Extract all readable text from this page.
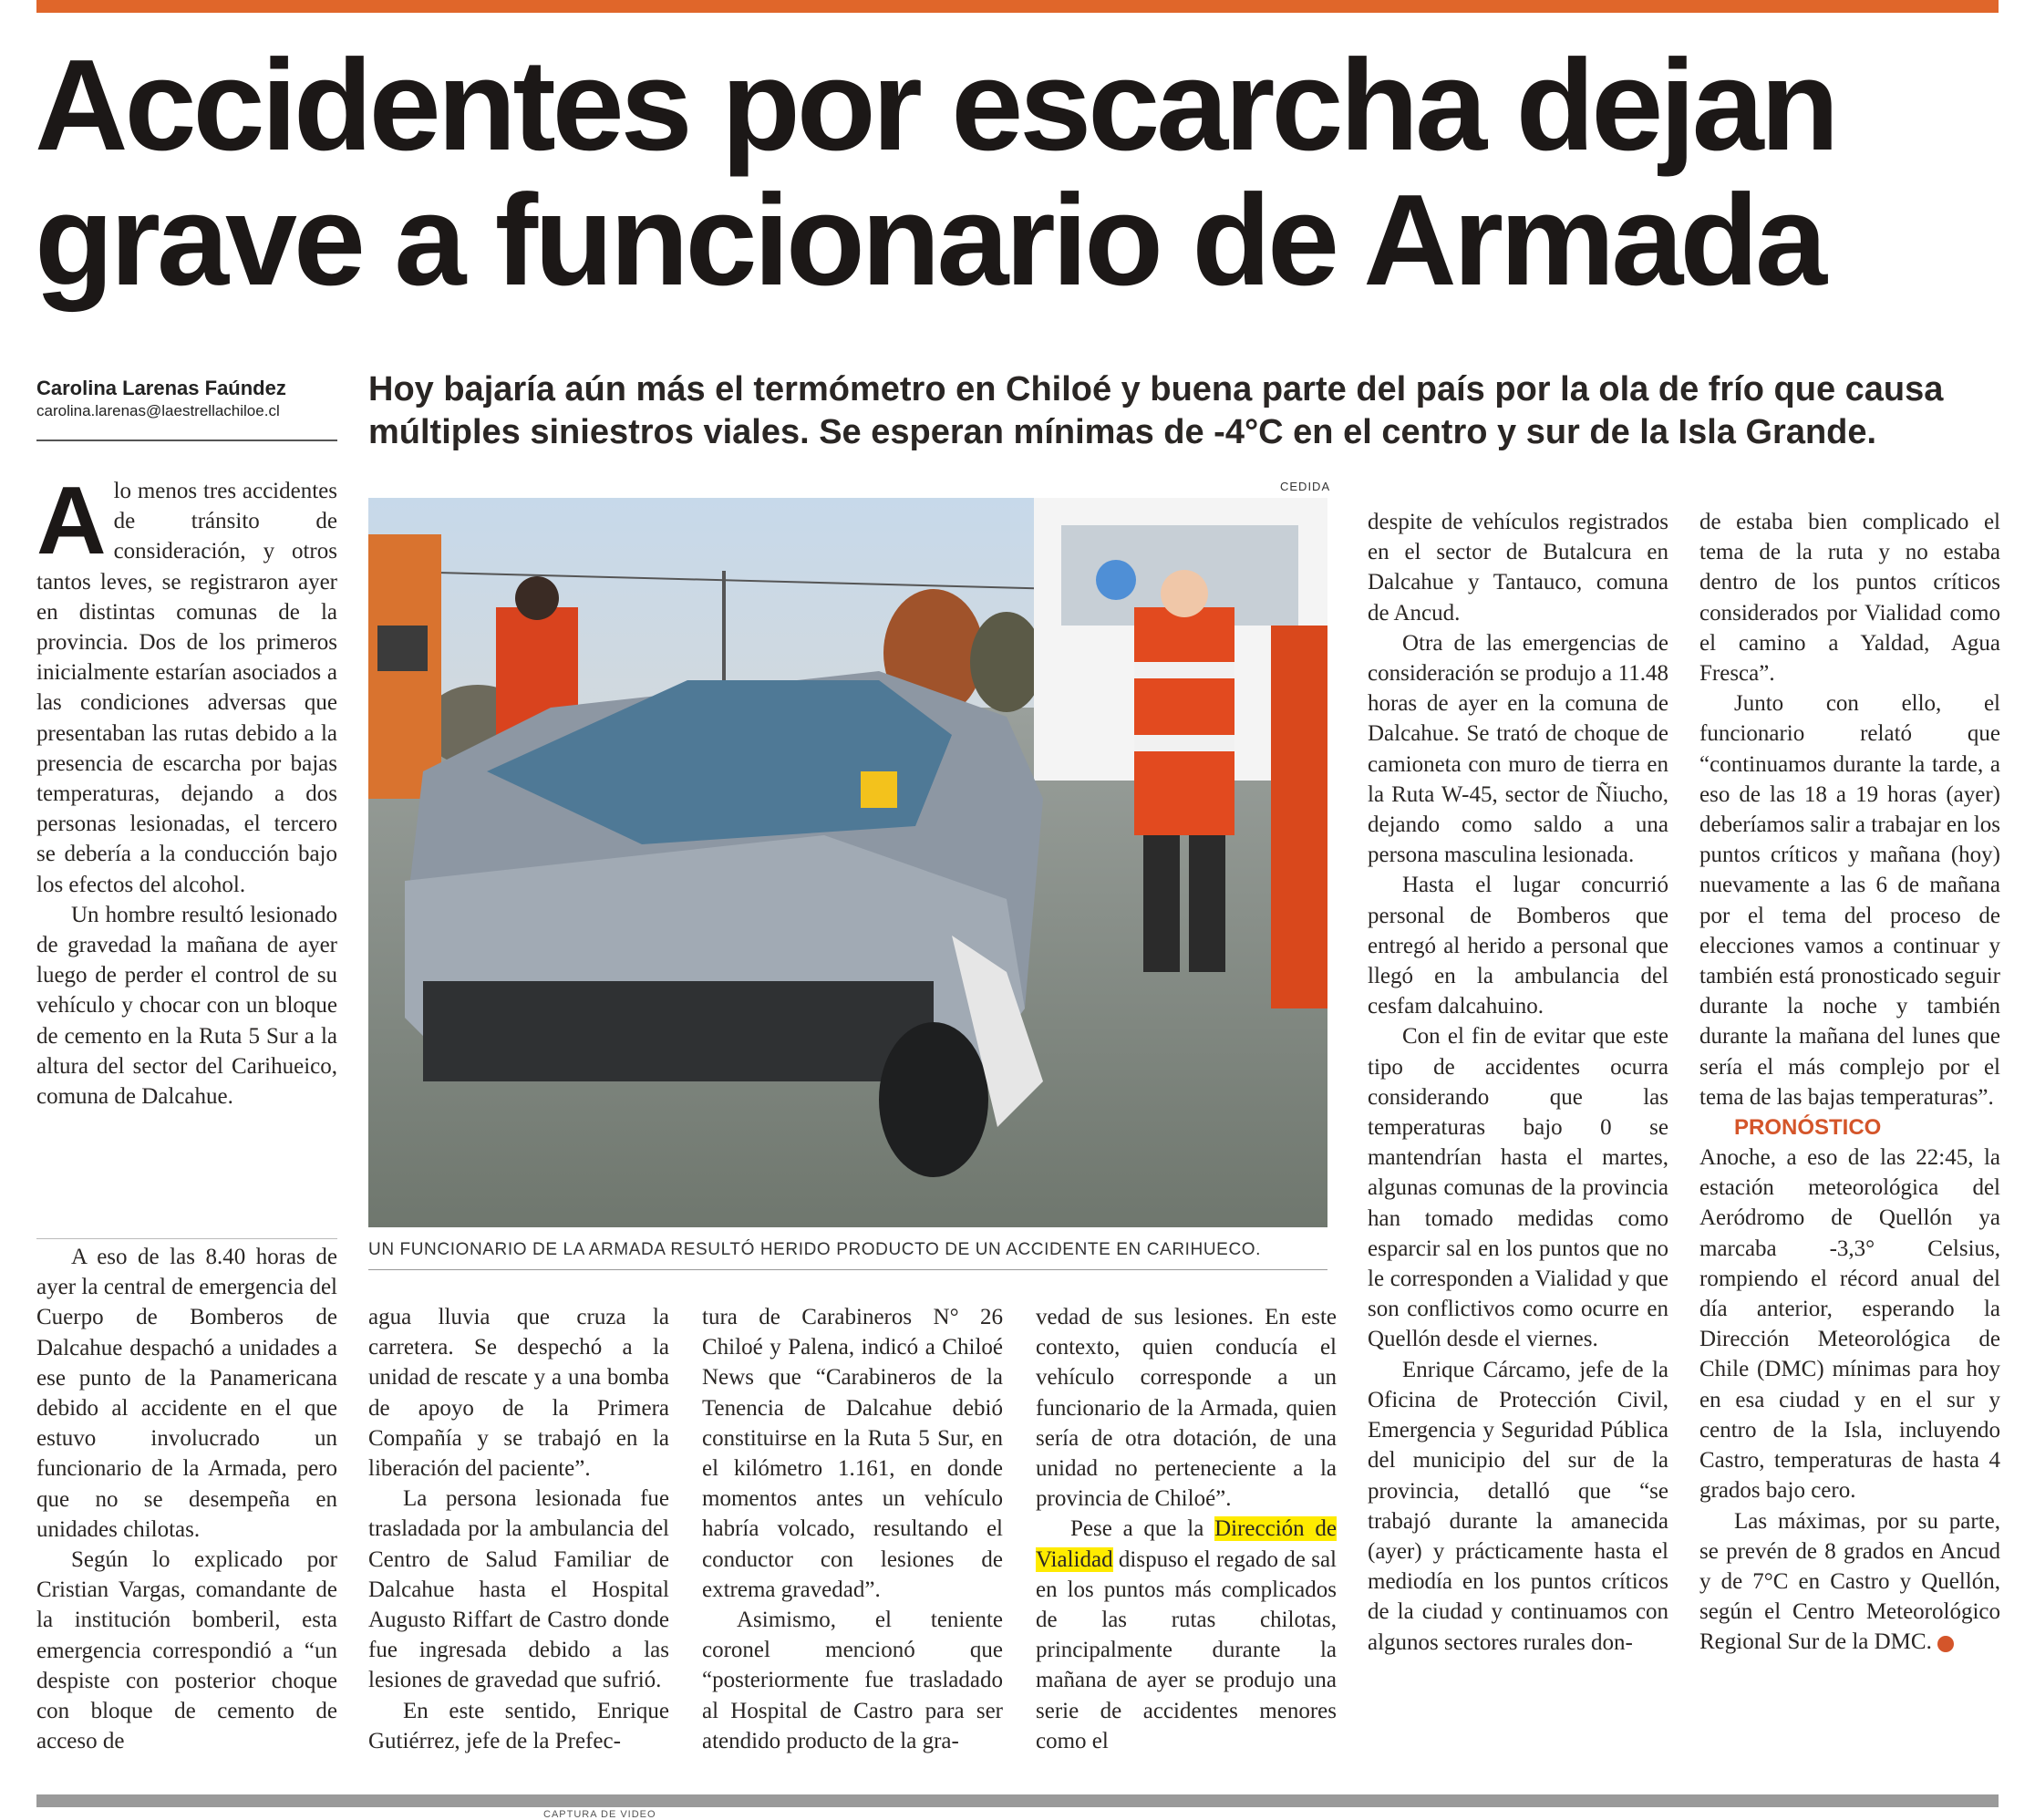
Accidentes por escarcha dejan grave a funcionario de Armada
Carolina Larenas Faúndez
carolina.larenas@laestrellachiloe.cl

Hoy bajaría aún más el termómetro en Chiloé y buena parte del país por la ola de frío que causa múltiples siniestros viales. Se esperan mínimas de -4°C en el centro y sur de la Isla Grande.

CEDIDA
UN FUNCIONARIO DE LA ARMADA RESULTÓ HERIDO PRODUCTO DE UN ACCIDENTE EN CARIHUECO.

Alo menos tres accidentes de tránsito de consideración, y otros tantos leves, se registraron ayer en distintas comunas de la provincia. Dos de los primeros inicialmente estarían asociados a las condiciones adversas que presentaban las rutas debido a la presencia de escarcha por bajas temperaturas, dejando a dos personas lesionadas, el tercero se debería a la conducción bajo los efectos del alcohol.

Un hombre resultó lesionado de gravedad la mañana de ayer luego de perder el control de su vehículo y chocar con un bloque de cemento en la Ruta 5 Sur a la altura del sector del Carihueico, comuna de Dalcahue.

A eso de las 8.40 horas de ayer la central de emergencia del Cuerpo de Bomberos de Dalcahue despachó a unidades a ese punto de la Panamericana debido al accidente en el que estuvo involucrado un funcionario de la Armada, pero que no se desempeña en unidades chilotas.

Según lo explicado por Cristian Vargas, comandante de la institución bomberil, esta emergencia correspondió a “un despiste con posterior choque con bloque de cemento de acceso de

agua lluvia que cruza la carretera. Se despechó a la unidad de rescate y a una bomba de apoyo de la Primera Compañía y se trabajó en la liberación del paciente”.

La persona lesionada fue trasladada por la ambulancia del Centro de Salud Familiar de Dalcahue hasta el Hospital Augusto Riffart de Castro donde fue ingresada debido a las lesiones de gravedad que sufrió.

En este sentido, Enrique Gutiérrez, jefe de la Prefec-

tura de Carabineros N° 26 Chiloé y Palena, indicó a Chiloé News que “Carabineros de la Tenencia de Dalcahue debió constituirse en la Ruta 5 Sur, en el kilómetro 1.161, en donde momentos antes un vehículo habría volcado, resultando el conductor con lesiones de extrema gravedad”.

Asimismo, el teniente coronel mencionó que “posteriormente fue trasladado al Hospital de Castro para ser atendido producto de la gra-

vedad de sus lesiones. En este contexto, quien conducía el vehículo corresponde a un funcionario de la Armada, quien sería de otra dotación, de una unidad no perteneciente a la provincia de Chiloé”.

Pese a que la Dirección de Vialidad dispuso el regado de sal en los puntos más complicados de las rutas chilotas, principalmente durante la mañana de ayer se produjo una serie de accidentes menores como el

despite de vehículos registrados en el sector de Butalcura en Dalcahue y Tantauco, comuna de Ancud.

Otra de las emergencias de consideración se produjo a 11.48 horas de ayer en la comuna de Dalcahue. Se trató de choque de camioneta con muro de tierra en la Ruta W-45, sector de Ñiucho, dejando como saldo a una persona masculina lesionada.

Hasta el lugar concurrió personal de Bomberos que entregó al herido a personal que llegó en la ambulancia del cesfam dalcahuino.

Con el fin de evitar que este tipo de accidentes ocurra considerando que las temperaturas bajo 0 se mantendrían hasta el martes, algunas comunas de la provincia han tomado medidas como esparcir sal en los puntos que no le corresponden a Vialidad y que son conflictivos como ocurre en Quellón desde el viernes.

Enrique Cárcamo, jefe de la Oficina de Protección Civil, Emergencia y Seguridad Pública del municipio del sur de la provincia, detalló que “se trabajó durante la amanecida (ayer) y prácticamente hasta el mediodía en los puntos críticos de la ciudad y continuamos con algunos sectores rurales don-

de estaba bien complicado el tema de la ruta y no estaba dentro de los puntos críticos considerados por Vialidad como el camino a Yaldad, Agua Fresca”.

Junto con ello, el funcionario relató que “continuamos durante la tarde, a eso de las 18 a 19 horas (ayer) deberíamos salir a trabajar en los puntos críticos y mañana (hoy) nuevamente a las 6 de mañana por el tema del proceso de elecciones vamos a continuar y también está pronosticado seguir durante la noche y también durante la mañana del lunes que sería el más complejo por el tema de las bajas temperaturas”.

PRONÓSTICO

Anoche, a eso de las 22:45, la estación meteorológica del Aeródromo de Quellón ya marcaba -3,3° Celsius, rompiendo el récord anual del día anterior, esperando la Dirección Meteorológica de Chile (DMC) mínimas para hoy en esa ciudad y en el sur y centro de la Isla, incluyendo Castro, temperaturas de hasta 4 grados bajo cero.

Las máximas, por su parte, se prevén de 8 grados en Ancud y de 7°C en Castro y Quellón, según el Centro Meteorológico Regional Sur de la DMC.	✪

CAPTURA DE VIDEO
